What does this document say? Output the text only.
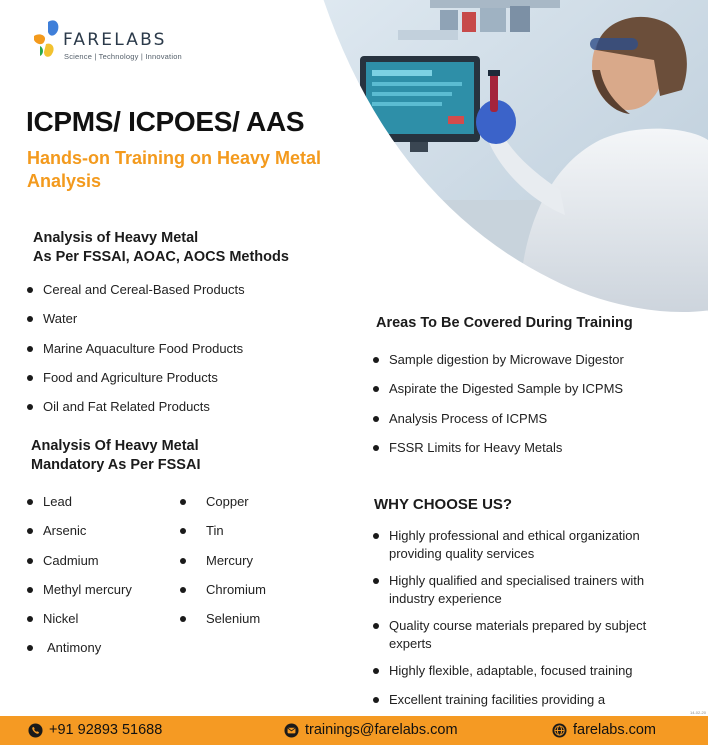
FARELABS
Science | Technology | Innovation
ICPMS/ ICPOES/ AAS
Hands-on Training on Heavy Metal Analysis
Analysis of Heavy Metal
As Per FSSAI, AOAC, AOCS Methods
Cereal and Cereal-Based Products
Water
Marine Aquaculture Food Products
Food and Agriculture Products
Oil and Fat Related Products
Analysis Of Heavy Metal
Mandatory As Per FSSAI
Lead
Arsenic
Cadmium
Methyl mercury
Nickel
Antimony
Copper
Tin
Mercury
Chromium
Selenium
Areas To Be Covered During Training
Sample digestion by Microwave Digestor
Aspirate the Digested Sample by ICPMS
Analysis Process of ICPMS
FSSR Limits for Heavy Metals
WHY CHOOSE US?
Highly professional and ethical organization providing quality services
Highly qualified and specialised trainers with industry experience
Quality course materials prepared by subject experts
Highly flexible, adaptable, focused training
Excellent training facilities providing a
14-02-20
+91 92893 51688	trainings@farelabs.com	farelabs.com
